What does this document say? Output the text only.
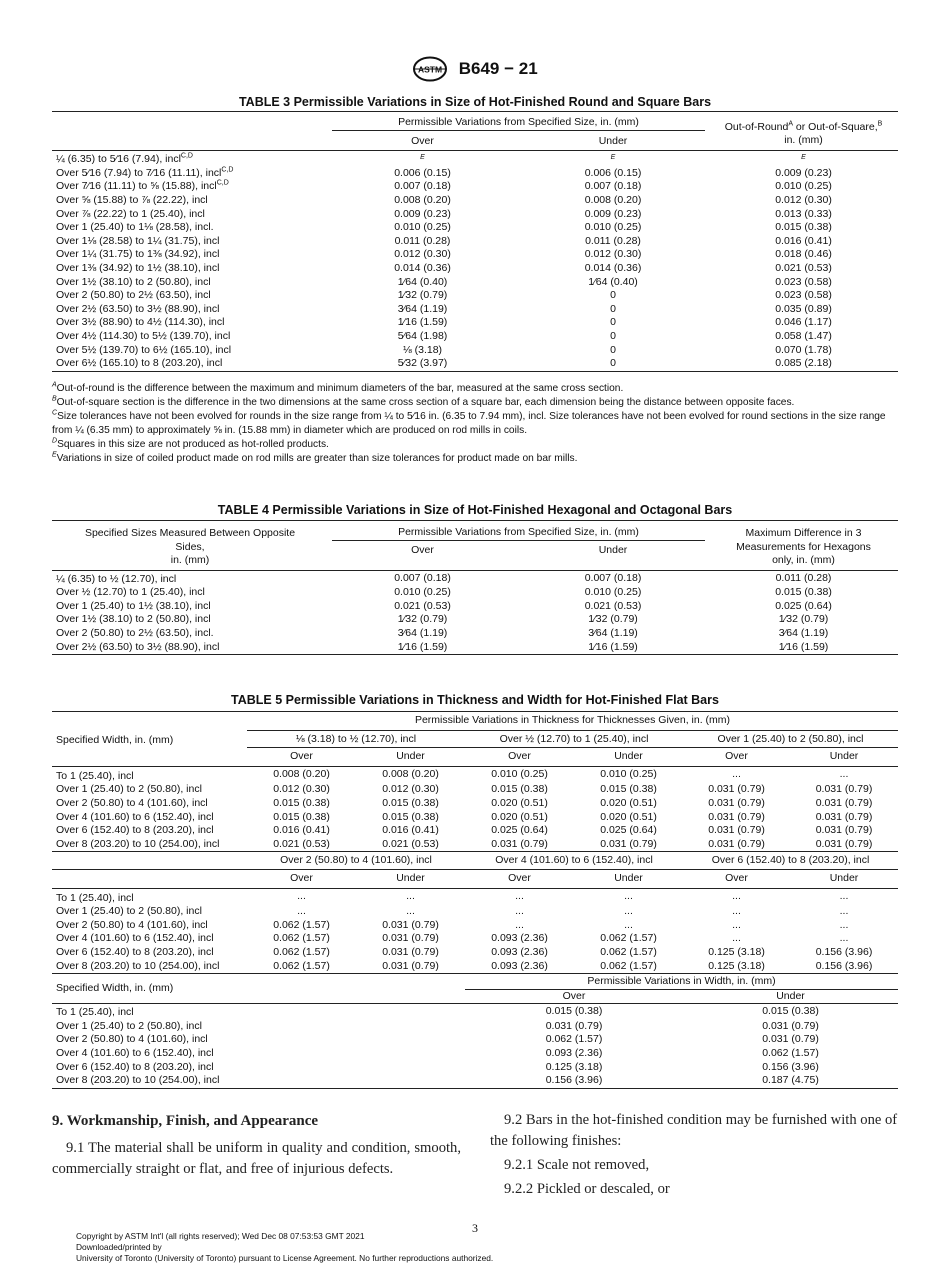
ASTM B649 − 21
TABLE 3 Permissible Variations in Size of Hot-Finished Round and Square Bars

	Permissible Variations from Specified Size, in. (mm)		Out-of-Round$^A$ or Out-of-Square,$^B$
in. (mm)
	Over	Under	
¼ (6.35) to 5⁄16 (7.94), incl$^{C,D}$	E	E	E
Over 5⁄16 (7.94) to 7⁄16 (11.11), incl$^{C,D}$	0.006 (0.15)	0.006 (0.15)	0.009 (0.23)
Over 7⁄16 (11.11) to ⅝ (15.88), incl$^{C,D}$	0.007 (0.18)	0.007 (0.18)	0.010 (0.25)
Over ⅝ (15.88) to ⅞ (22.22), incl	0.008 (0.20)	0.008 (0.20)	0.012 (0.30)
Over ⅞ (22.22) to 1 (25.40), incl	0.009 (0.23)	0.009 (0.23)	0.013 (0.33)
Over 1 (25.40) to 1⅛ (28.58), incl.	0.010 (0.25)	0.010 (0.25)	0.015 (0.38)
Over 1⅛ (28.58) to 1¼ (31.75), incl	0.011 (0.28)	0.011 (0.28)	0.016 (0.41)
Over 1¼ (31.75) to 1⅜ (34.92), incl	0.012 (0.30)	0.012 (0.30)	0.018 (0.46)
Over 1⅜ (34.92) to 1½ (38.10), incl	0.014 (0.36)	0.014 (0.36)	0.021 (0.53)
Over 1½ (38.10) to 2 (50.80), incl	1⁄64 (0.40)	1⁄64 (0.40)	0.023 (0.58)
Over 2 (50.80) to 2½ (63.50), incl	1⁄32 (0.79)	0	0.023 (0.58)
Over 2½ (63.50) to 3½ (88.90), incl	3⁄64 (1.19)	0	0.035 (0.89)
Over 3½ (88.90) to 4½ (114.30), incl	1⁄16 (1.59)	0	0.046 (1.17)
Over 4½ (114.30) to 5½ (139.70), incl	5⁄64 (1.98)	0	0.058 (1.47)
Over 5½ (139.70) to 6½ (165.10), incl	⅛ (3.18)	0	0.070 (1.78)
Over 6½ (165.10) to 8 (203.20), incl	5⁄32 (3.97)	0	0.085 (2.18)

$^A$Out-of-round is the difference between the maximum and minimum diameters of the bar, measured at the same cross section.

$^B$Out-of-square section is the difference in the two dimensions at the same cross section of a square bar, each dimension being the distance between opposite faces.

$^C$Size tolerances have not been evolved for rounds in the size range from ¼ to 5⁄16 in. (6.35 to 7.94 mm), incl. Size tolerances have not been evolved for round sections in the size range from ¼ (6.35 mm) to approximately ⅝ in. (15.88 mm) in diameter which are produced on rod mills in coils.

$^D$Squares in this size are not produced as hot-rolled products.

$^E$Variations in size of coiled product made on rod mills are greater than size tolerances for product made on bar mills.

TABLE 4 Permissible Variations in Size of Hot-Finished Hexagonal and Octagonal Bars
Specified Sizes Measured Between Opposite
Sides,
in. (mm)	Permissible Variations from Specified Size, in. (mm)		Maximum Difference in 3
Measurements for Hexagons
only, in. (mm)
	Over	Under	
¼ (6.35) to ½ (12.70), incl	0.007 (0.18)	0.007 (0.18)	0.011 (0.28)
Over ½ (12.70) to 1 (25.40), incl	0.010 (0.25)	0.010 (0.25)	0.015 (0.38)
Over 1 (25.40) to 1½ (38.10), incl	0.021 (0.53)	0.021 (0.53)	0.025 (0.64)
Over 1½ (38.10) to 2 (50.80), incl	1⁄32 (0.79)	1⁄32 (0.79)	1⁄32 (0.79)
Over 2 (50.80) to 2½ (63.50), incl.	3⁄64 (1.19)	3⁄64 (1.19)	3⁄64 (1.19)
Over 2½ (63.50) to 3½ (88.90), incl	1⁄16 (1.59)	1⁄16 (1.59)	1⁄16 (1.59)
TABLE 5 Permissible Variations in Thickness and Width for Hot-Finished Flat Bars
Specified Width, in. (mm)	Permissible Variations in Thickness for Thicknesses Given, in. (mm)					
	⅛ (3.18) to ½ (12.70), incl		Over ½ (12.70) to 1 (25.40), incl		Over 1 (25.40) to 2 (50.80), incl	
	Over	Under	Over	Under	Over	Under
To 1 (25.40), incl	0.008 (0.20)	0.008 (0.20)	0.010 (0.25)	0.010 (0.25)	...	...
Over 1 (25.40) to 2 (50.80), incl	0.012 (0.30)	0.012 (0.30)	0.015 (0.38)	0.015 (0.38)	0.031 (0.79)	0.031 (0.79)
Over 2 (50.80) to 4 (101.60), incl	0.015 (0.38)	0.015 (0.38)	0.020 (0.51)	0.020 (0.51)	0.031 (0.79)	0.031 (0.79)
Over 4 (101.60) to 6 (152.40), incl	0.015 (0.38)	0.015 (0.38)	0.020 (0.51)	0.020 (0.51)	0.031 (0.79)	0.031 (0.79)
Over 6 (152.40) to 8 (203.20), incl	0.016 (0.41)	0.016 (0.41)	0.025 (0.64)	0.025 (0.64)	0.031 (0.79)	0.031 (0.79)
Over 8 (203.20) to 10 (254.00), incl	0.021 (0.53)	0.021 (0.53)	0.031 (0.79)	0.031 (0.79)	0.031 (0.79)	0.031 (0.79)
	Over 2 (50.80) to 4 (101.60), incl		Over 4 (101.60) to 6 (152.40), incl		Over 6 (152.40) to 8 (203.20), incl	
	Over	Under	Over	Under	Over	Under
To 1 (25.40), incl	...	...	...	...	...	...
Over 1 (25.40) to 2 (50.80), incl	...	...	...	...	...	...
Over 2 (50.80) to 4 (101.60), incl	0.062 (1.57)	0.031 (0.79)	...	...	...	...
Over 4 (101.60) to 6 (152.40), incl	0.062 (1.57)	0.031 (0.79)	0.093 (2.36)	0.062 (1.57)	...	...
Over 6 (152.40) to 8 (203.20), incl	0.062 (1.57)	0.031 (0.79)	0.093 (2.36)	0.062 (1.57)	0.125 (3.18)	0.156 (3.96)
Over 8 (203.20) to 10 (254.00), incl	0.062 (1.57)	0.031 (0.79)	0.093 (2.36)	0.062 (1.57)	0.125 (3.18)	0.156 (3.96)
Specified Width, in. (mm)			Permissible Variations in Width, in. (mm)			
			Over		Under	
To 1 (25.40), incl			0.015 (0.38)		0.015 (0.38)	
Over 1 (25.40) to 2 (50.80), incl			0.031 (0.79)		0.031 (0.79)	
Over 2 (50.80) to 4 (101.60), incl			0.062 (1.57)		0.031 (0.79)	
Over 4 (101.60) to 6 (152.40), incl			0.093 (2.36)		0.062 (1.57)	
Over 6 (152.40) to 8 (203.20), incl			0.125 (3.18)		0.156 (3.96)	
Over 8 (203.20) to 10 (254.00), incl			0.156 (3.96)		0.187 (4.75)	
9. Workmanship, Finish, and Appearance

9.1 The material shall be uniform in quality and condition, smooth, commercially straight or flat, and free of injurious defects.

9.2 Bars in the hot-finished condition may be furnished with one of the following finishes:

9.2.1 Scale not removed,

9.2.2 Pickled or descaled, or

3
Copyright by ASTM Int'l (all rights reserved); Wed Dec 08 07:53:53 GMT 2021
Downloaded/printed by
University of Toronto (University of Toronto) pursuant to License Agreement. No further reproductions authorized.
